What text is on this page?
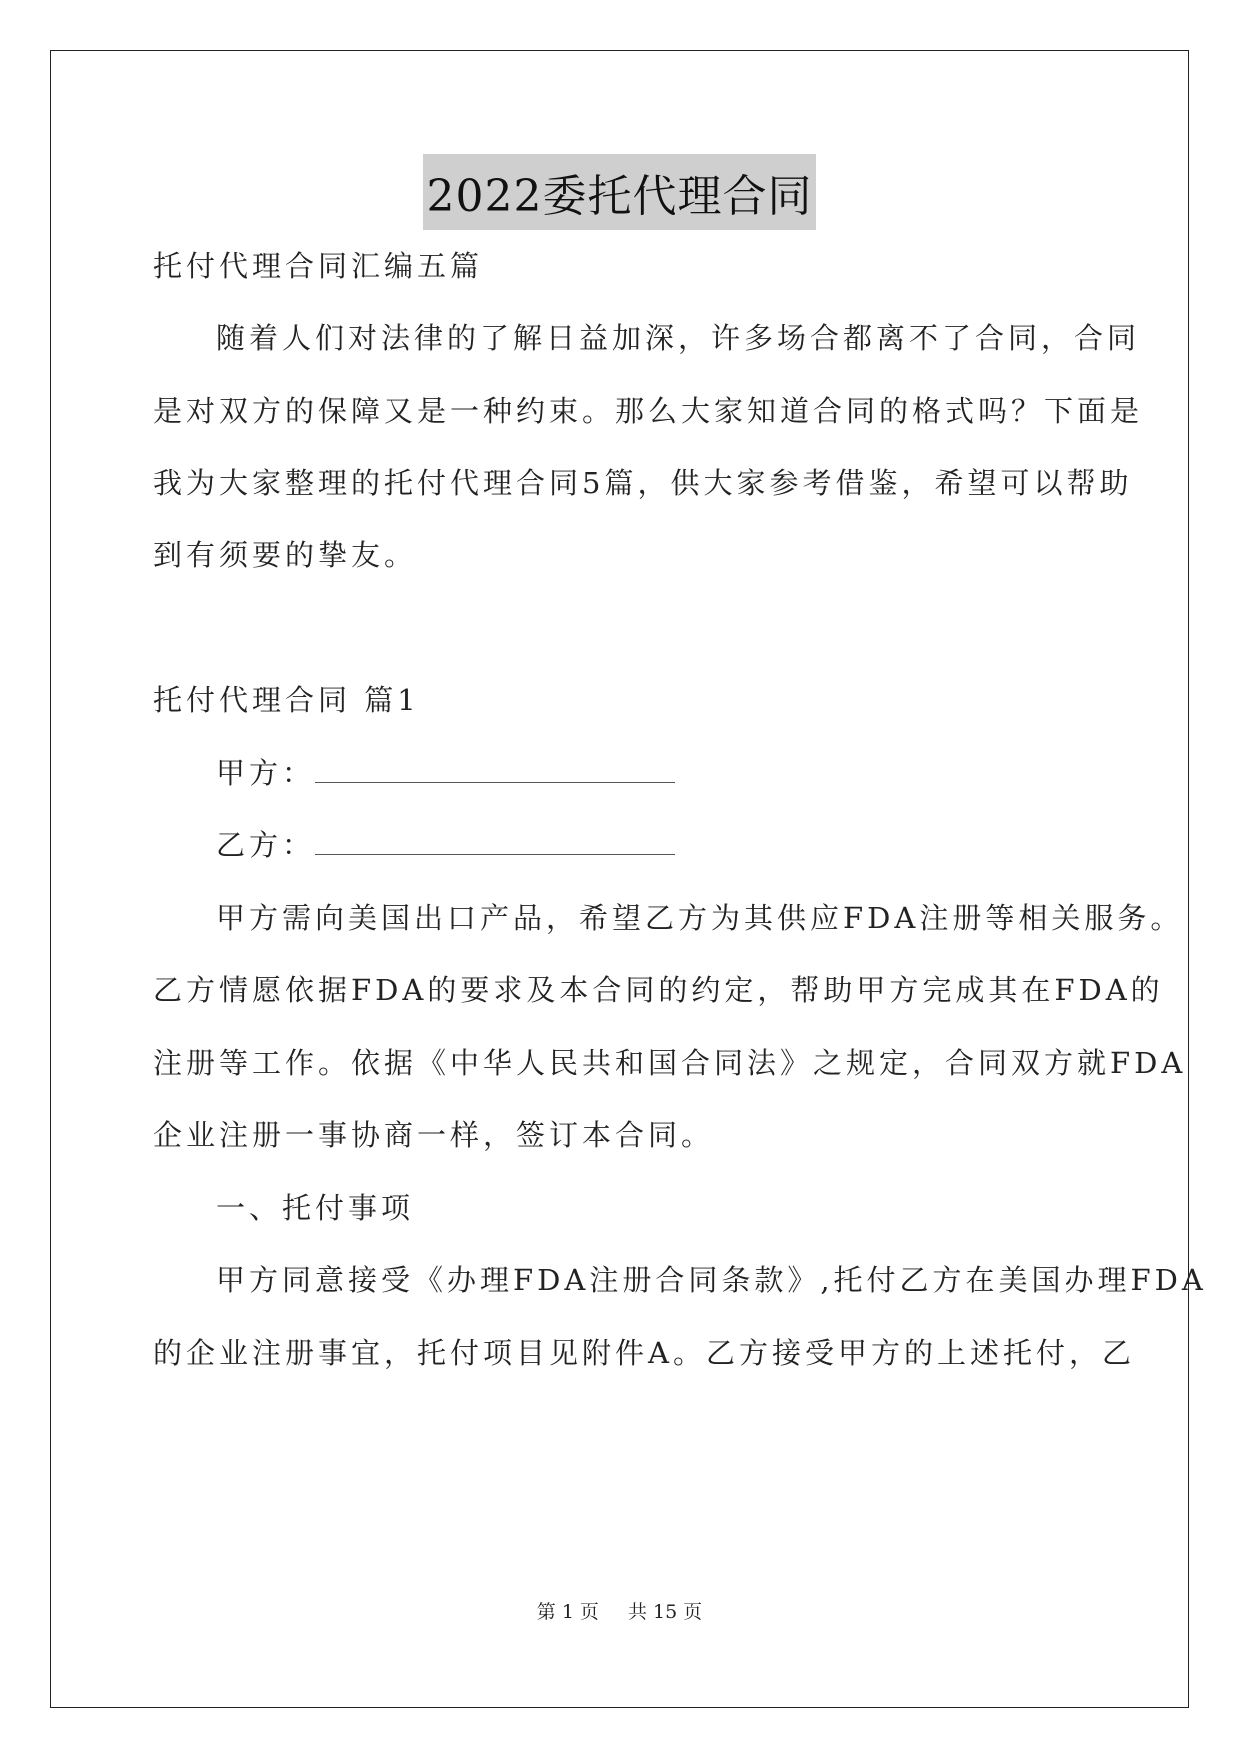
2022委托代理合同
托付代理合同汇编五篇
随着人们对法律的了解日益加深，许多场合都离不了合同，合同
是对双方的保障又是一种约束。那么大家知道合同的格式吗？下面是
我为大家整理的托付代理合同5篇，供大家参考借鉴，希望可以帮助
到有须要的挚友。
托付代理合同 篇1
甲方：
乙方：
甲方需向美国出口产品，希望乙方为其供应FDA注册等相关服务。
乙方情愿依据FDA的要求及本合同的约定，帮助甲方完成其在FDA的
注册等工作。依据《中华人民共和国合同法》之规定，合同双方就FDA
企业注册一事协商一样，签订本合同。
一、托付事项
甲方同意接受《办理FDA注册合同条款》,托付乙方在美国办理FDA
的企业注册事宜，托付项目见附件A。乙方接受甲方的上述托付，乙
第 1 页 共 15 页
